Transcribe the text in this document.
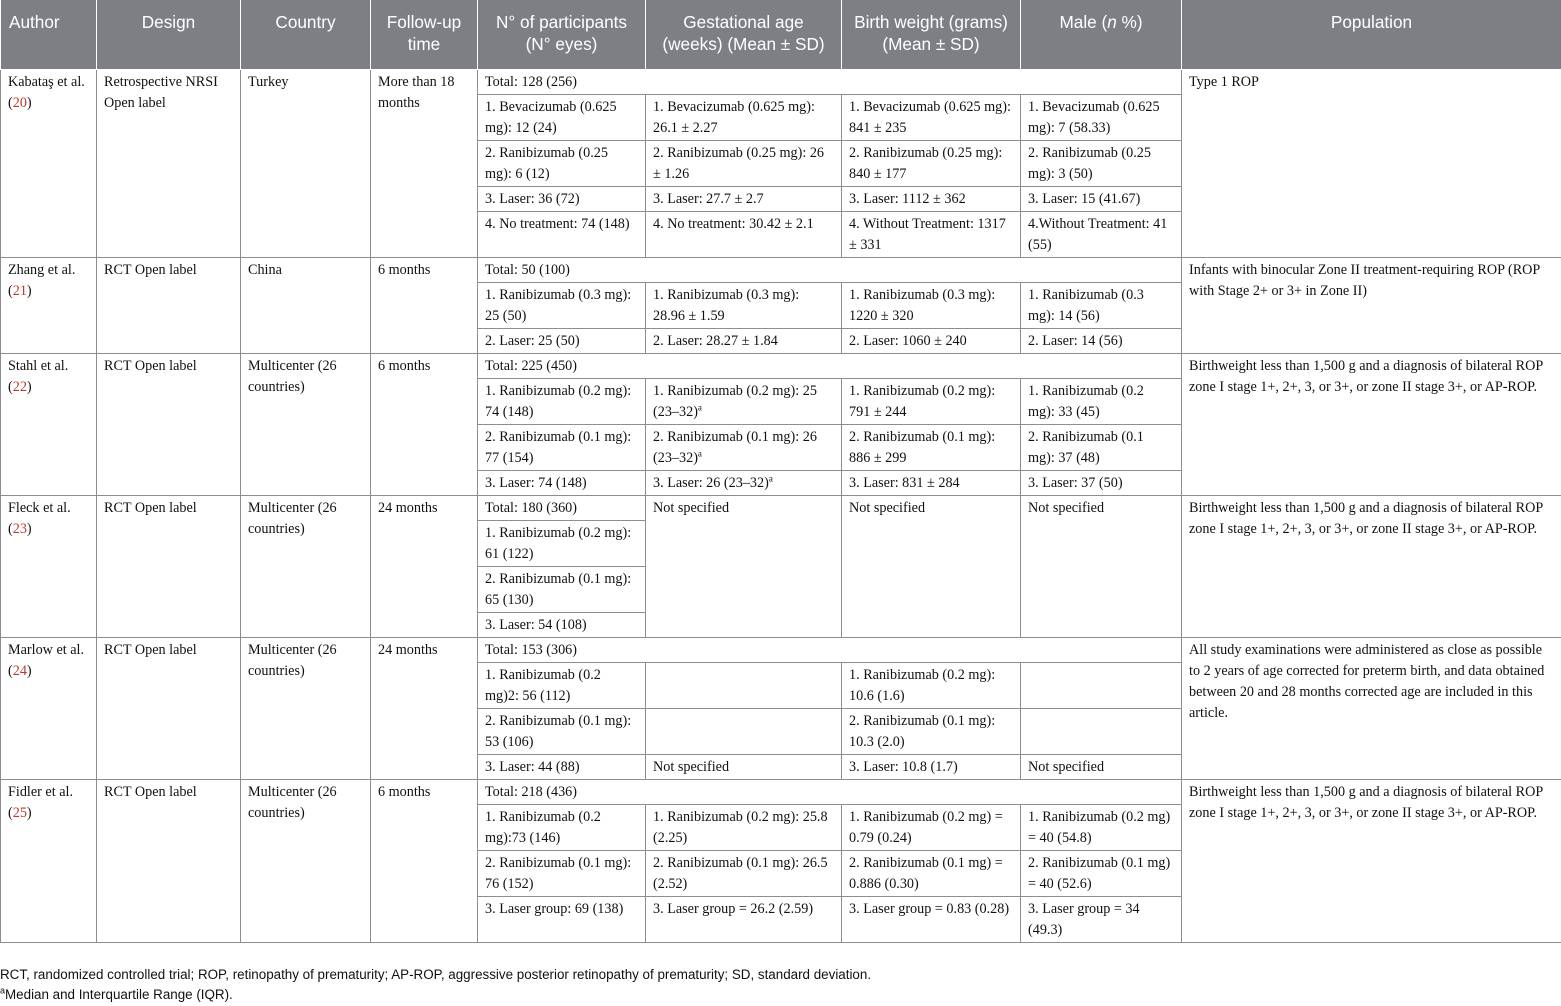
Author	Design	Country	Follow-up time	N° of participants (N° eyes)	Gestational age (weeks) (Mean ± SD)	Birth weight (grams) (Mean ± SD)	Male (n %)	Population
Kabataş et al. (20)	Retrospective NRSI Open label	Turkey	More than 18 months	Total: 128 (256)				Type 1 ROP
				1. Bevacizumab (0.625 mg): 12 (24)	1. Bevacizumab (0.625 mg): 26.1 ± 2.27	1. Bevacizumab (0.625 mg): 841 ± 235	1. Bevacizumab (0.625 mg): 7 (58.33)	
				2. Ranibizumab (0.25 mg): 6 (12)	2. Ranibizumab (0.25 mg): 26 ± 1.26	2. Ranibizumab (0.25 mg): 840 ± 177	2. Ranibizumab (0.25 mg): 3 (50)	
				3. Laser: 36 (72)	3. Laser: 27.7 ± 2.7	3. Laser: 1112 ± 362	3. Laser: 15 (41.67)	
				4. No treatment: 74 (148)	4. No treatment: 30.42 ± 2.1	4. Without Treatment: 1317 ± 331	4.Without Treatment: 41 (55)	
Zhang et al. (21)	RCT Open label	China	6 months	Total: 50 (100)				Infants with binocular Zone II treatment-requiring ROP (ROP with Stage 2+ or 3+ in Zone II)
				1. Ranibizumab (0.3 mg): 25 (50)	1. Ranibizumab (0.3 mg): 28.96 ± 1.59	1. Ranibizumab (0.3 mg): 1220 ± 320	1. Ranibizumab (0.3 mg): 14 (56)	
				2. Laser: 25 (50)	2. Laser: 28.27 ± 1.84	2. Laser: 1060 ± 240	2. Laser: 14 (56)	
Stahl et al. (22)	RCT Open label	Multicenter (26 countries)	6 months	Total: 225 (450)				Birthweight less than 1,500 g and a diagnosis of bilateral ROP zone I stage 1+, 2+, 3, or 3+, or zone II stage 3+, or AP-ROP.
				1. Ranibizumab (0.2 mg): 74 (148)	1. Ranibizumab (0.2 mg): 25 $(23-32)^a$	1. Ranibizumab (0.2 mg): 791 ± 244	1. Ranibizumab (0.2 mg): 33 (45)	
				2. Ranibizumab (0.1 mg): 77 (154)	2. Ranibizumab (0.1 mg): 26 $(23-32)^a$	2. Ranibizumab (0.1 mg): 886 ± 299	2. Ranibizumab (0.1 mg): 37 (48)	
				3. Laser: 74 (148)	3. Laser: 26 $(23-32)^a$	3. Laser: 831 ± 284	3. Laser: 37 (50)	
Fleck et al. (23)	RCT Open label	Multicenter (26 countries)	24 months	Total: 180 (360)	Not specified	Not specified	Not specified	Birthweight less than 1,500 g and a diagnosis of bilateral ROP zone I stage 1+, 2+, 3, or 3+, or zone II stage 3+, or AP-ROP.
				1. Ranibizumab (0.2 mg): 61 (122)				
				2. Ranibizumab (0.1 mg): 65 (130)				
				3. Laser: 54 (108)				
Marlow et al. (24)	RCT Open label	Multicenter (26 countries)	24 months	Total: 153 (306)				All study examinations were administered as close as possible to 2 years of age corrected for preterm birth, and data obtained between 20 and 28 months corrected age are included in this article.
				1. Ranibizumab (0.2 mg)2: 56 (112)		1. Ranibizumab (0.2 mg): 10.6 (1.6)		
				2. Ranibizumab (0.1 mg): 53 (106)		2. Ranibizumab (0.1 mg): 10.3 (2.0)		
				3. Laser: 44 (88)	Not specified	3. Laser: 10.8 (1.7)	Not specified	
Fidler et al. (25)	RCT Open label	Multicenter (26 countries)	6 months	Total: 218 (436)				Birthweight less than 1,500 g and a diagnosis of bilateral ROP zone I stage 1+, 2+, 3, or 3+, or zone II stage 3+, or AP-ROP.
				1. Ranibizumab (0.2 mg):73 (146)	1. Ranibizumab (0.2 mg): 25.8 (2.25)	1. Ranibizumab (0.2 mg) = 0.79 (0.24)	1. Ranibizumab (0.2 mg) = 40 (54.8)	
				2. Ranibizumab (0.1 mg): 76 (152)	2. Ranibizumab (0.1 mg): 26.5 (2.52)	2. Ranibizumab (0.1 mg) = 0.886 (0.30)	2. Ranibizumab (0.1 mg) = 40 (52.6)	
				3. Laser group: 69 (138)	3. Laser group = 26.2 (2.59)	3. Laser group = 0.83 (0.28)	3. Laser group = 34 (49.3)	
RCT, randomized controlled trial; ROP, retinopathy of prematurity; AP-ROP, aggressive posterior retinopathy of prematurity; SD, standard deviation.
$^a$Median and Interquartile Range (IQR).
